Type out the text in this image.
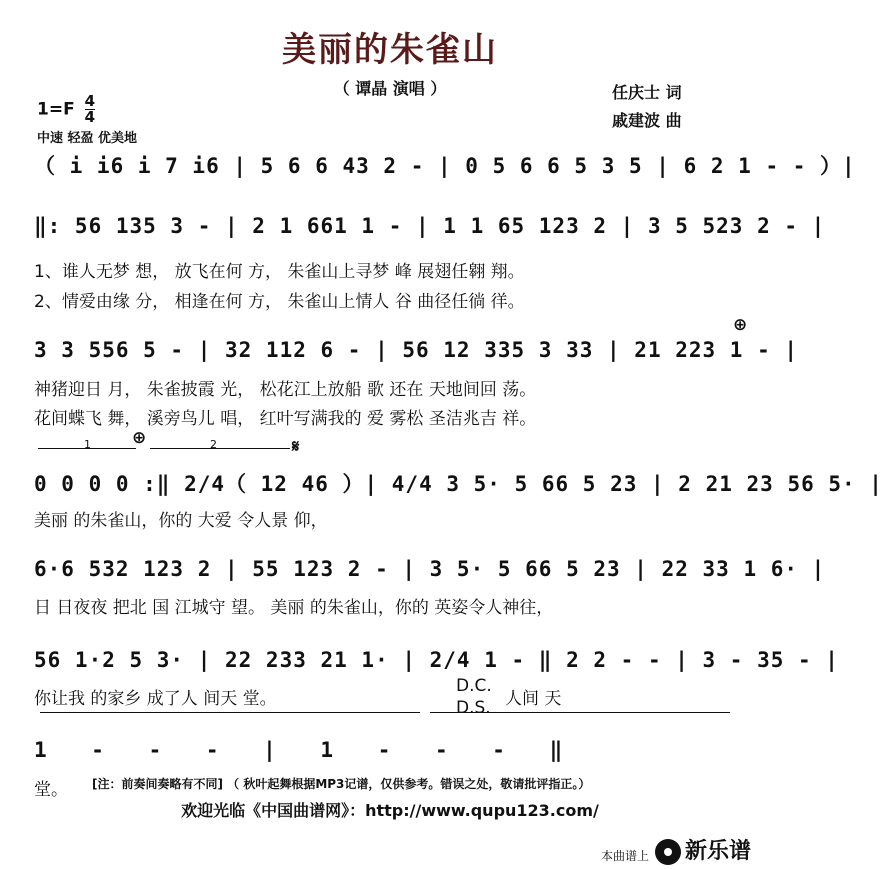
美丽的朱雀山
（ 谭晶 演唱 ）	任庆士 词
戚建波 曲
$1=F \frac{4}{4}$
中速 轻盈 优美地
（ i i6 i 7 i6 | 5 6 6 43 2 - | 0 5 6 6 5 3 5 | 6 2 1 - - ）|
‖: 56 135 3 - | 2 1 661 1 - | 1 1 65 123 2 | 3 5 523 2 - |
1、谁人无梦 想， 放飞在何 方， 朱雀山上寻梦 峰 展翅任翱 翔。
2、情爱由缘 分， 相逢在何 方， 朱雀山上情人 谷 曲径任徜 徉。
⊕
3 3 556 5 - | 32 112 6 - | 56 12 335 3 33 | 21 223 1 - |
神猪迎日 月， 朱雀披霞 光， 松花江上放船 歌 还在 天地间回 荡。
花间蝶飞 舞， 溪旁鸟儿 唱， 红叶写满我的 爱 雾松 圣洁兆吉 祥。
1 ⊕	2	𝄋
0 0 0 0 :‖ 2/4（ 12 46 ）| 4/4 3 5· 5 66 5 23 | 2 21 23 56 5· |
美丽 的朱雀山，你的 大爱 令人景 仰，
6·6 532 123 2 | 55 123 2 - | 3 5· 5 66 5 23 | 22 33 1 6· |
日 日夜夜 把北 国 江城守 望。 美丽 的朱雀山，你的 英姿令人神往，
56 1·2 5 3· | 22 233 21 1· | 2/4 1 - ‖ 2 2 - - | 3 - 35 - |
你让我 的家乡 成了人 间天 堂。
D.C.
D.S. 人间 天
1 - - - | 1 - - - ‖
堂。	[注：前奏间奏略有不同] （ 秋叶起舞根据MP3记谱，仅供参考。错误之处，敬请批评指正。）
欢迎光临《中国曲谱网》：http://www.qupu123.com/
本曲谱上	新乐谱
